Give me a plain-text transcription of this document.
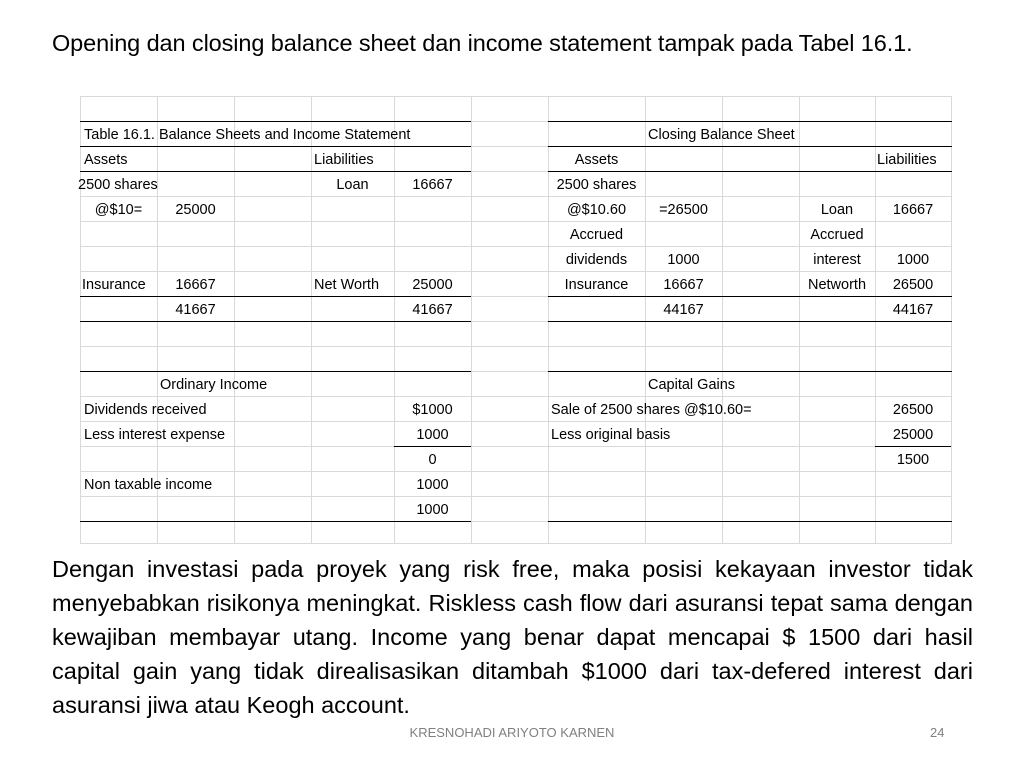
Opening dan closing balance sheet dan income statement tampak pada Tabel 16.1.
Table 16.1. Balance Sheets and Income Statement	Closing Balance Sheet
Assets	Liabilities	Assets	Liabilities
2500 shares	Loan	16667	2500 shares
@$10=	25000	@$10.60	=26500	Loan	16667
Accrued	Accrued
dividends	1000	interest	1000
Insurance	16667	Net Worth	25000	Insurance	16667	Networth	26500
41667	41667	44167	44167
Ordinary Income	Capital Gains
Dividends received	$1000	Sale of 2500 shares @$10.60=	26500
Less interest expense	1000	Less original basis	25000
0	1500
Non taxable income	1000
1000
Dengan investasi pada proyek yang risk free, maka posisi kekayaan investor tidak menyebabkan risikonya meningkat. Riskless cash flow dari asuransi tepat sama dengan kewajiban membayar utang. Income yang benar dapat mencapai $ 1500 dari hasil capital gain yang tidak direalisasikan ditambah $1000 dari tax-defered interest dari asuransi jiwa atau Keogh account.
KRESNOHADI ARIYOTO KARNEN	24
